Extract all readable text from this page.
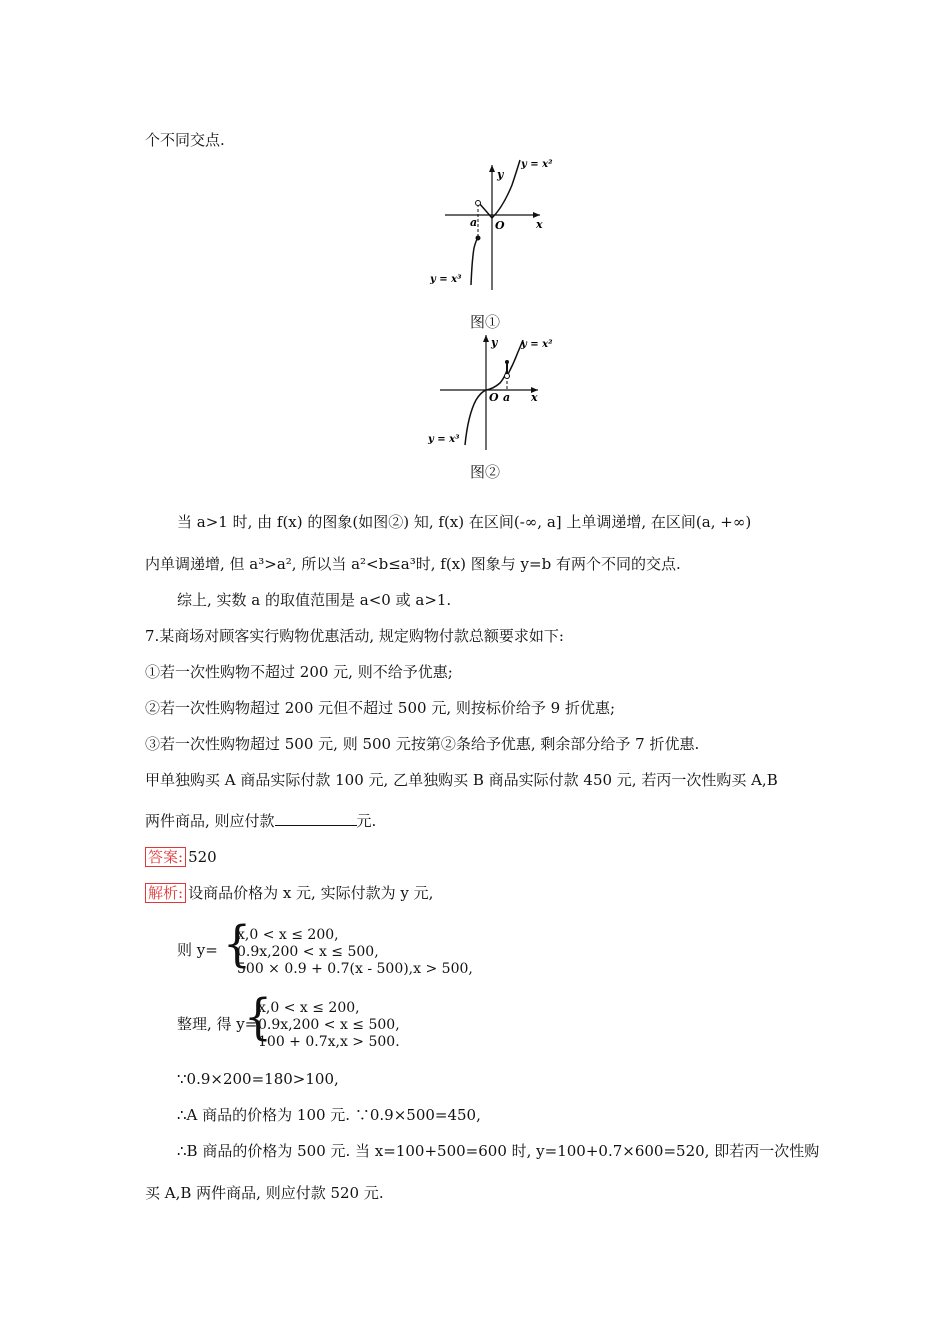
个不同交点.
y
x
O
a
y = x²
y = x³
图①
y
x
O a
y = x²
y = x³
图②
当 a>1 时, 由 f(x) 的图象(如图②) 知, f(x) 在区间(-∞, a] 上单调递增, 在区间(a, +∞)
内单调递增, 但 a³>a², 所以当 a²<b≤a³时, f(x) 图象与 y=b 有两个不同的交点.
综上, 实数 a 的取值范围是 a<0 或 a>1.
7.某商场对顾客实行购物优惠活动, 规定购物付款总额要求如下:
①若一次性购物不超过 200 元, 则不给予优惠;
②若一次性购物超过 200 元但不超过 500 元, 则按标价给予 9 折优惠;
③若一次性购物超过 500 元, 则 500 元按第②条给予优惠, 剩余部分给予 7 折优惠.
甲单独购买 A 商品实际付款 100 元, 乙单独购买 B 商品实际付款 450 元, 若丙一次性购买 A,B
两件商品, 则应付款	元.
答案: 520
解析: 设商品价格为 x 元, 实际付款为 y 元,
则 y= {
x,0 < x ≤ 200,
0.9x,200 < x ≤ 500,
500 × 0.9 + 0.7(x - 500),x > 500,
整理, 得 y=
{
x,0 < x ≤ 200,
0.9x,200 < x ≤ 500,
100 + 0.7x,x > 500.
∵0.9×200=180>100,
∴A 商品的价格为 100 元. ∵0.9×500=450,
∴B 商品的价格为 500 元. 当 x=100+500=600 时, y=100+0.7×600=520, 即若丙一次性购
买 A,B 两件商品, 则应付款 520 元.
